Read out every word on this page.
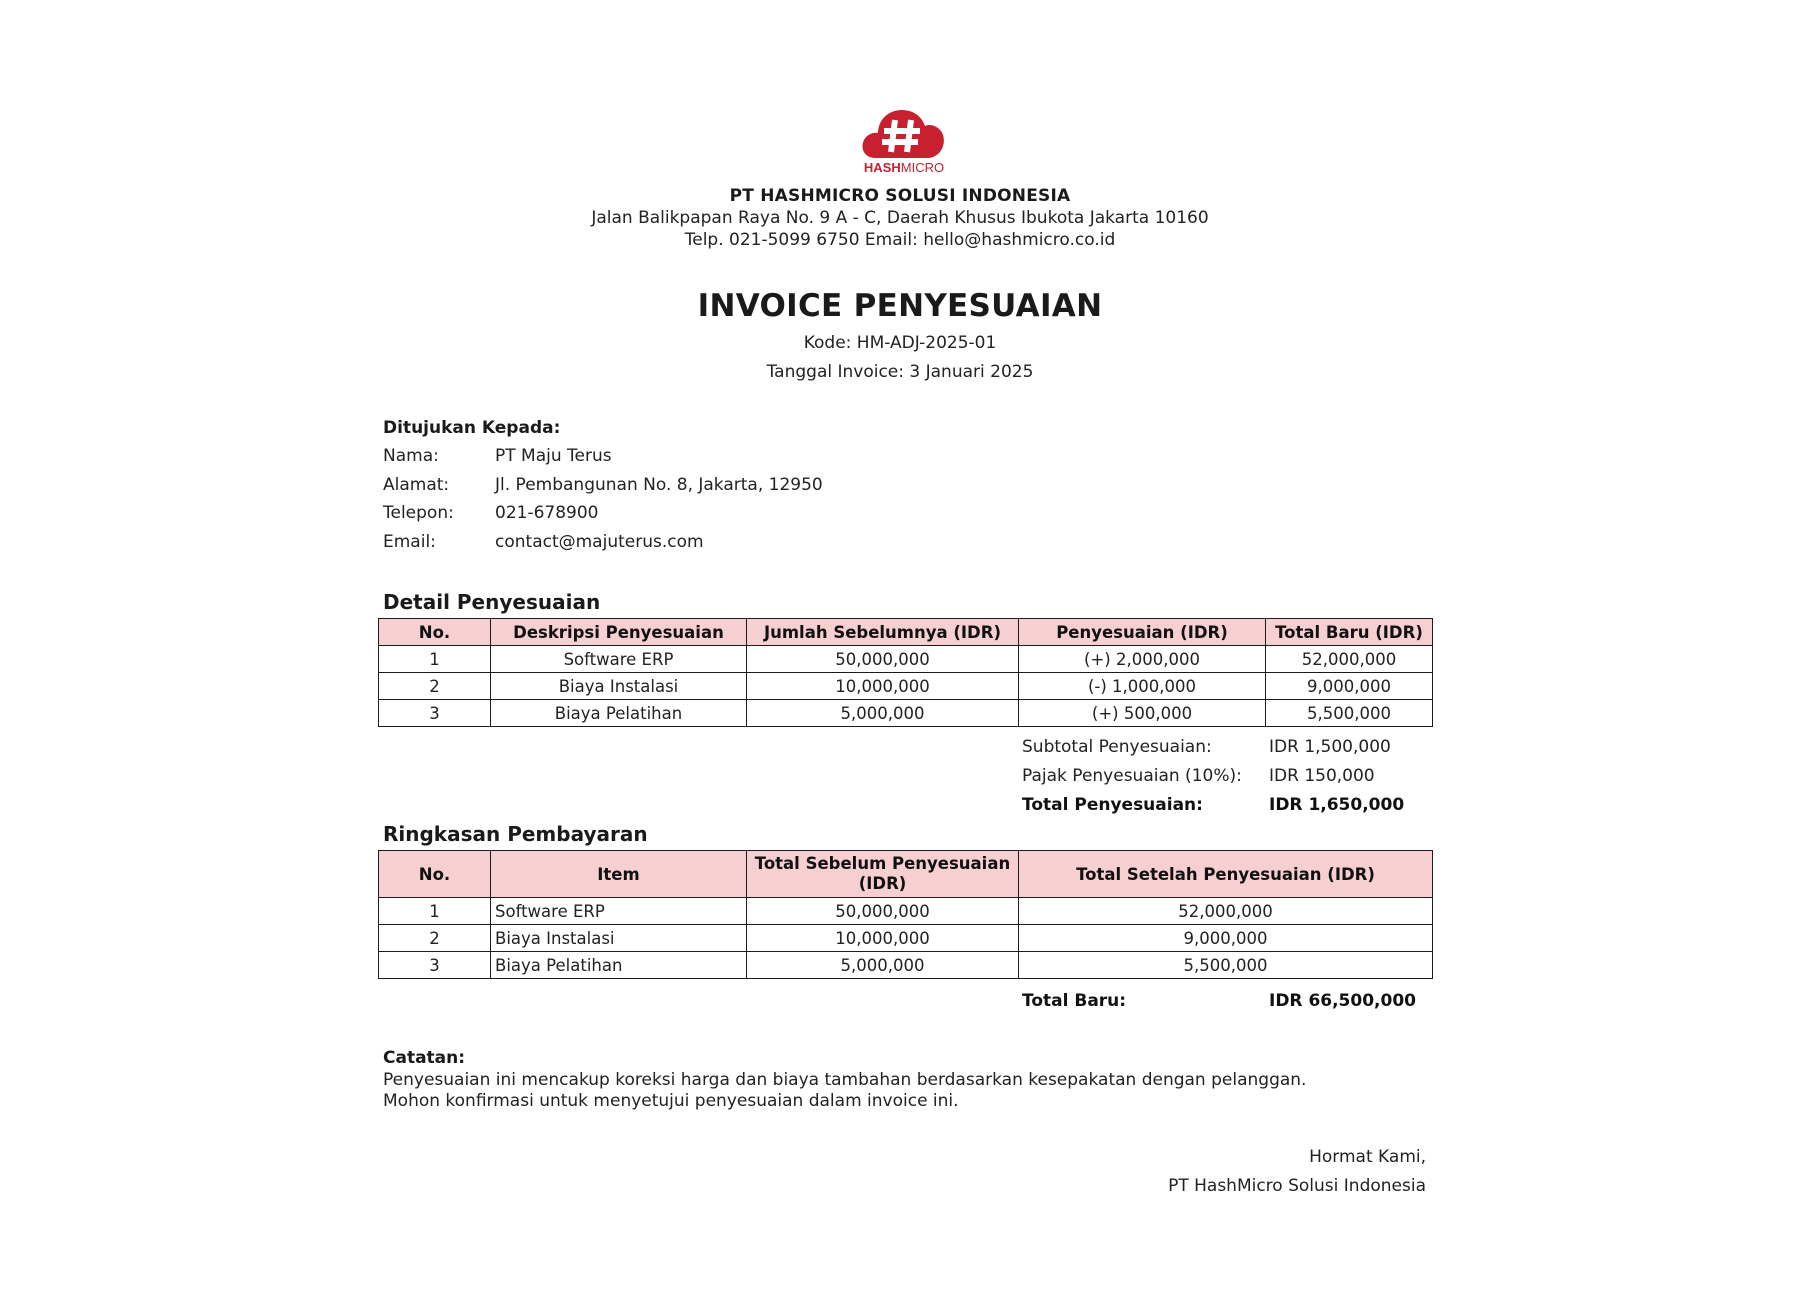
HASHMICRO
PT HASHMICRO SOLUSI INDONESIA
Jalan Balikpapan Raya No. 9 A - C, Daerah Khusus Ibukota Jakarta 10160
Telp. 021-5099 6750 Email: hello@hashmicro.co.id
INVOICE PENYESUAIAN
Kode: HM-ADJ-2025-01
Tanggal Invoice: 3 Januari 2025
Ditujukan Kepada:
Nama:	PT Maju Terus
Alamat:	Jl. Pembangunan No. 8, Jakarta, 12950
Telepon: 021-678900
Email:	contact@majuterus.com
Detail Penyesuaian
No.	Deskripsi Penyesuaian	Jumlah Sebelumnya (IDR)	Penyesuaian (IDR)	Total Baru (IDR)
1	Software ERP	50,000,000	(+) 2,000,000	52,000,000
2	Biaya Instalasi	10,000,000	(-) 1,000,000	9,000,000
3	Biaya Pelatihan	5,000,000	(+) 500,000	5,500,000
Subtotal Penyesuaian:	IDR 1,500,000
Pajak Penyesuaian (10%): IDR 150,000
Total Penyesuaian:	IDR 1,650,000
Ringkasan Pembayaran
No.	Item	Total Sebelum Penyesuaian (IDR)	Total Setelah Penyesuaian (IDR)
1	Software ERP	50,000,000	52,000,000
2	Biaya Instalasi	10,000,000	9,000,000
3	Biaya Pelatihan	5,000,000	5,500,000
Total Baru:	IDR 66,500,000
Catatan:
Penyesuaian ini mencakup koreksi harga dan biaya tambahan berdasarkan kesepakatan dengan pelanggan.
Mohon konfirmasi untuk menyetujui penyesuaian dalam invoice ini.
Hormat Kami,
PT HashMicro Solusi Indonesia
